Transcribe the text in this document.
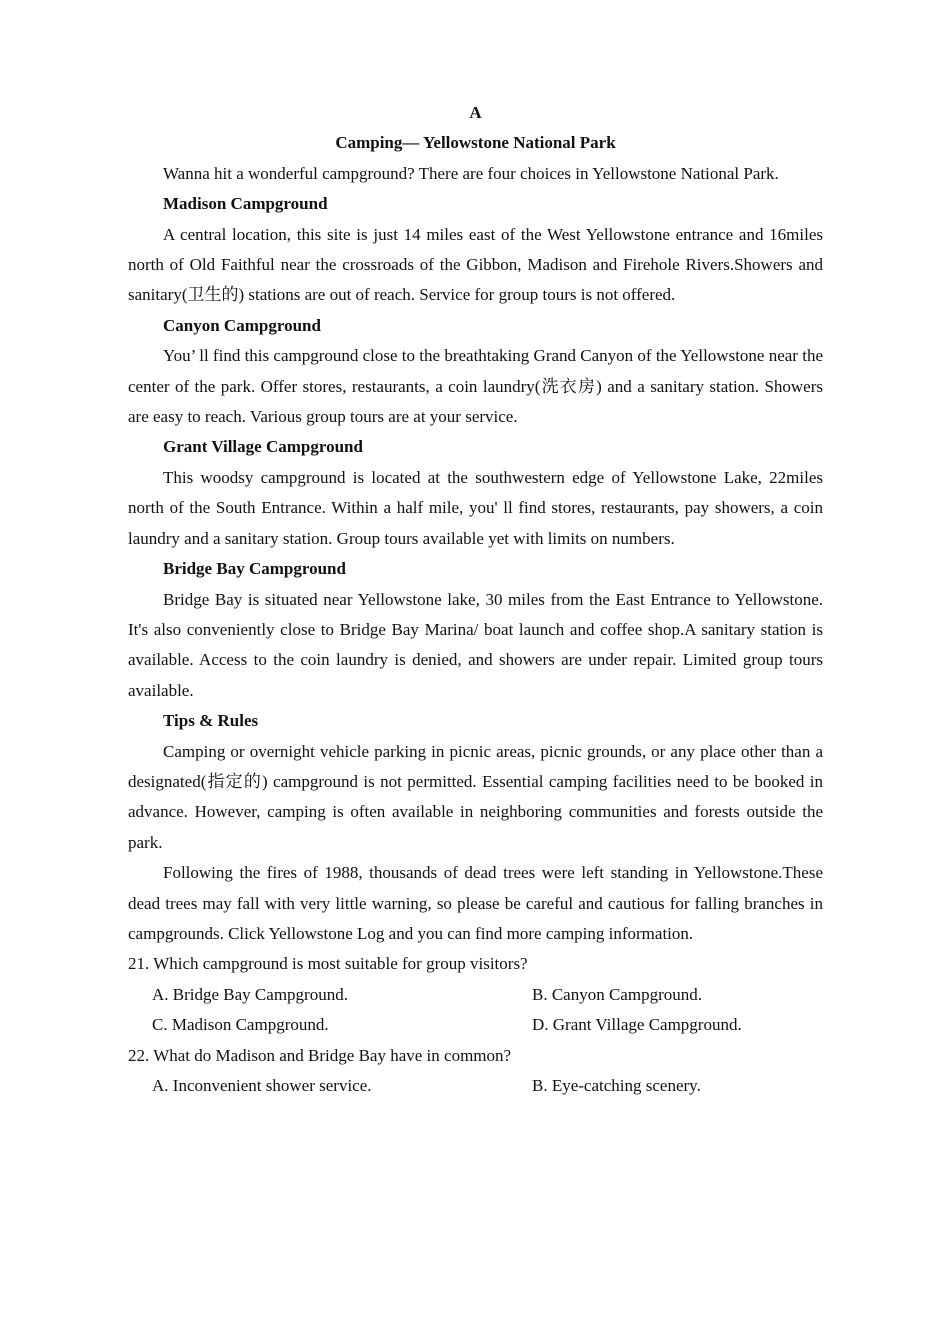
A

Camping— Yellowstone National Park

Wanna hit a wonderful campground? There are four choices in Yellowstone National Park.

Madison Campground

A central location, this site is just 14 miles east of the West Yellowstone entrance and 16miles north of Old Faithful near the crossroads of the Gibbon, Madison and Firehole Rivers.Showers and sanitary(卫生的) stations are out of reach. Service for group tours is not offered.

Canyon Campground

You’ ll find this campground close to the breathtaking Grand Canyon of the Yellowstone near the center of the park. Offer stores, restaurants, a coin laundry(洗衣房) and a sanitary station. Showers are easy to reach. Various group tours are at your service.

Grant Village Campground

This woodsy campground is located at the southwestern edge of Yellowstone Lake, 22miles north of the South Entrance. Within a half mile, you' ll find stores, restaurants, pay showers, a coin laundry and a sanitary station. Group tours available yet with limits on numbers.

Bridge Bay Campground

Bridge Bay is situated near Yellowstone lake, 30 miles from the East Entrance to Yellowstone. It's also conveniently close to Bridge Bay Marina/ boat launch and coffee shop.A sanitary station is available. Access to the coin laundry is denied, and showers are under repair. Limited group tours available.

Tips & Rules

Camping or overnight vehicle parking in picnic areas, picnic grounds, or any place other than a designated(指定的) campground is not permitted. Essential camping facilities need to be booked in advance. However, camping is often available in neighboring communities and forests outside the park.

Following the fires of 1988, thousands of dead trees were left standing in Yellowstone.These dead trees may fall with very little warning, so please be careful and cautious for falling branches in campgrounds. Click Yellowstone Log and you can find more camping information.

21. Which campground is most suitable for group visitors?

A. Bridge Bay Campground.	B. Canyon Campground.
C. Madison Campground.	D. Grant Village Campground.

22. What do Madison and Bridge Bay have in common?

A. Inconvenient shower service.	B. Eye-catching scenery.
